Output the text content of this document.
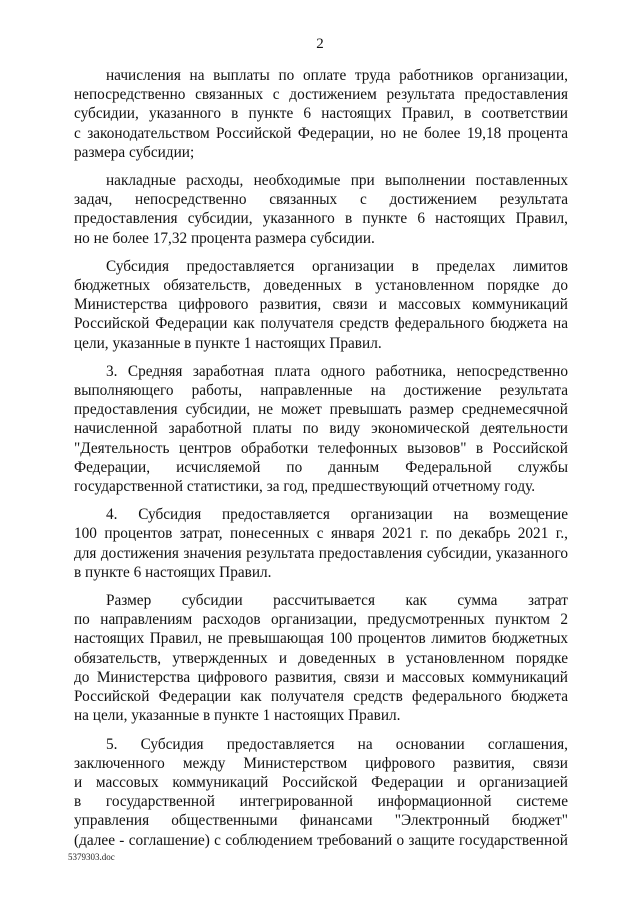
2
начисления на выплаты по оплате труда работников организации,
непосредственно связанных с достижением результата предоставления
субсидии, указанного в пункте 6 настоящих Правил, в соответствии
с законодательством Российской Федерации, но не более 19,18 процента
размера субсидии;
накладные расходы, необходимые при выполнении поставленных
задач, непосредственно связанных с достижением результата
предоставления субсидии, указанного в пункте 6 настоящих Правил,
но не более 17,32 процента размера субсидии.
Субсидия предоставляется организации в пределах лимитов
бюджетных обязательств, доведенных в установленном порядке до
Министерства цифрового развития, связи и массовых коммуникаций
Российской Федерации как получателя средств федерального бюджета на
цели, указанные в пункте 1 настоящих Правил.
3. Средняя заработная плата одного работника, непосредственно
выполняющего работы, направленные на достижение результата
предоставления субсидии, не может превышать размер среднемесячной
начисленной заработной платы по виду экономической деятельности
"Деятельность центров обработки телефонных вызовов" в Российской
Федерации, исчисляемой по данным Федеральной службы
государственной статистики, за год, предшествующий отчетному году.
4. Субсидия предоставляется организации на возмещение
100 процентов затрат, понесенных с января 2021 г. по декабрь 2021 г.,
для достижения значения результата предоставления субсидии, указанного
в пункте 6 настоящих Правил.
Размер субсидии рассчитывается как сумма затрат
по направлениям расходов организации, предусмотренных пунктом 2
настоящих Правил, не превышающая 100 процентов лимитов бюджетных
обязательств, утвержденных и доведенных в установленном порядке
до Министерства цифрового развития, связи и массовых коммуникаций
Российской Федерации как получателя средств федерального бюджета
на цели, указанные в пункте 1 настоящих Правил.
5. Субсидия предоставляется на основании соглашения,
заключенного между Министерством цифрового развития, связи
и массовых коммуникаций Российской Федерации и организацией
в государственной интегрированной информационной системе
управления общественными финансами "Электронный бюджет"
(далее - соглашение) с соблюдением требований о защите государственной
5379303.doc
